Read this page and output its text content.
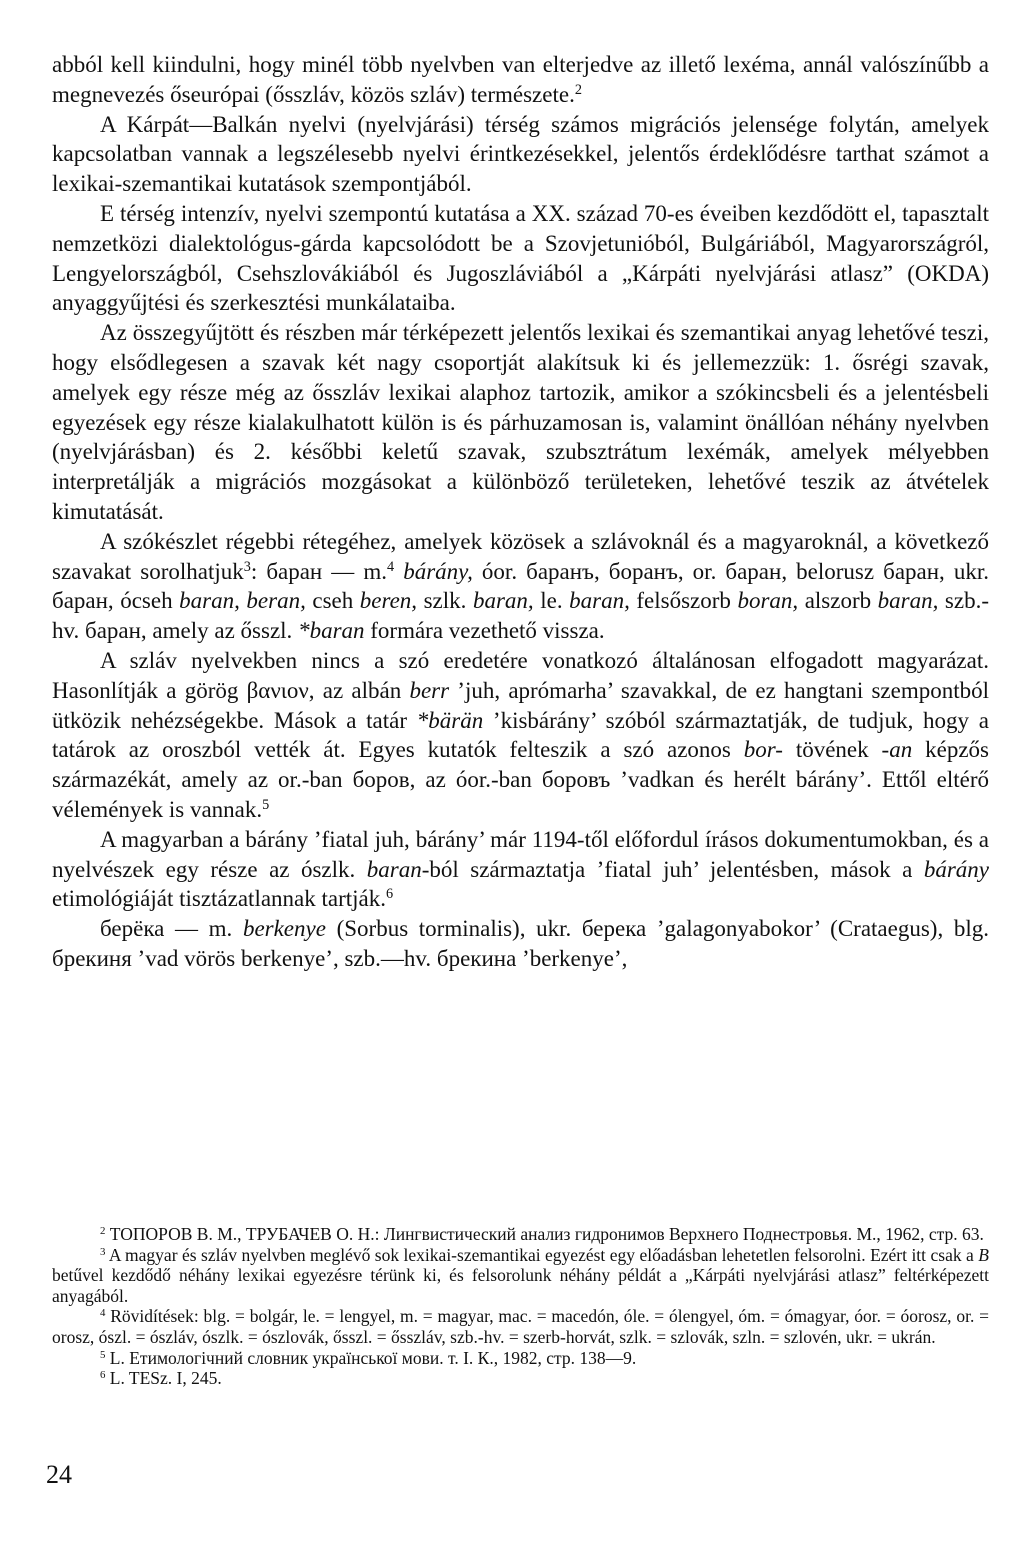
abból kell kiindulni, hogy minél több nyelvben van elterjedve az illető lexéma, annál valószínűbb a megnevezés őseurópai (ősszláv, közös szláv) természete.$^2$

A Kárpát—Balkán nyelvi (nyelvjárási) térség számos migrációs jelensége folytán, amelyek kapcsolatban vannak a legszélesebb nyelvi érintkezésekkel, jelentős érdeklődésre tarthat számot a lexikai-szemantikai kutatások szempontjából.

E térség intenzív, nyelvi szempontú kutatása a XX. század 70-es éveiben kezdődött el, tapasztalt nemzetközi dialektológus-gárda kapcsolódott be a Szovjetunióból, Bulgáriából, Magyarországról, Lengyelországból, Csehszlovákiából és Jugoszláviából a „Kárpáti nyelvjárási atlasz” (OKDA) anyaggyűjtési és szerkesztési munkálataiba.

Az összegyűjtött és részben már térképezett jelentős lexikai és szemantikai anyag lehetővé teszi, hogy elsődlegesen a szavak két nagy csoportját alakítsuk ki és jellemezzük: 1. ősrégi szavak, amelyek egy része még az ősszláv lexikai alaphoz tartozik, amikor a szókincsbeli és a jelentésbeli egyezések egy része kialakulhatott külön is és párhuzamosan is, valamint önállóan néhány nyelvben (nyelvjárásban) és 2. későbbi keletű szavak, szubsztrátum lexémák, amelyek mélyebben interpretálják a migrációs mozgásokat a különböző területeken, lehetővé teszik az átvételek kimutatását.

A szókészlet régebbi rétegéhez, amelyek közösek a szlávoknál és a magyaroknál, a következő szavakat sorolhatjuk$^3$: баран — m.$^4$ bárány, óor. баранъ, боранъ, or. баран, belorusz баран, ukr. баран, ócseh baran, beran, cseh beren, szlk. baran, le. baran, felsőszorb boran, alszorb baran, szb.-hv. баран, amely az ősszl. *baran formára vezethető vissza.

A szláv nyelvekben nincs a szó eredetére vonatkozó általánosan elfogadott magyarázat. Hasonlítják a görög βανιον, az albán berr ’juh, aprómarha’ szavakkal, de ez hangtani szempontból ütközik nehézségekbe. Mások a tatár *bärän ’kisbárány’ szóból származtatják, de tudjuk, hogy a tatárok az oroszból vették át. Egyes kutatók felteszik a szó azonos bor- tövének -an képzős származékát, amely az or.-ban боров, az óor.-ban боровъ ’vadkan és herélt bárány’. Ettől eltérő vélemények is vannak.$^5$

A magyarban a bárány ’fiatal juh, bárány’ már 1194-től előfordul írásos dokumentumokban, és a nyelvészek egy része az ószlk. baran-ból származtatja ’fiatal juh’ jelentésben, mások a bárány etimológiáját tisztázatlannak tartják.$^6$

берёка — m. berkenye (Sorbus torminalis), ukr. берека ’galagonyabokor’ (Crataegus), blg. брекиня ’vad vörös berkenye’, szb.—hv. брекина ’berkenye’,

$^2$ ТОПОРОВ В. М., ТРУБАЧЕВ О. Н.: Лингвистический анализ гидронимов Верхнего Поднестровья. М., 1962, стр. 63.

$^3$ A magyar és szláv nyelvben meglévő sok lexikai-szemantikai egyezést egy előadásban lehetetlen felsorolni. Ezért itt csak a B betűvel kezdődő néhány lexikai egyezésre térünk ki, és felsorolunk néhány példát a „Kárpáti nyelvjárási atlasz” feltérképezett anyagából.

$^4$ Rövidítések: blg. = bolgár, le. = lengyel, m. = magyar, mac. = macedón, óle. = ólengyel, óm. = ómagyar, óor. = óorosz, or. = orosz, ószl. = ószláv, ószlk. = ószlovák, ősszl. = ősszláv, szb.-hv. = szerb-horvát, szlk. = szlovák, szln. = szlovén, ukr. = ukrán.

$^5$ L. Етимологічний словник української мови. т. I. К., 1982, стр. 138—9.

$^6$ L. TESz. I, 245.

24
